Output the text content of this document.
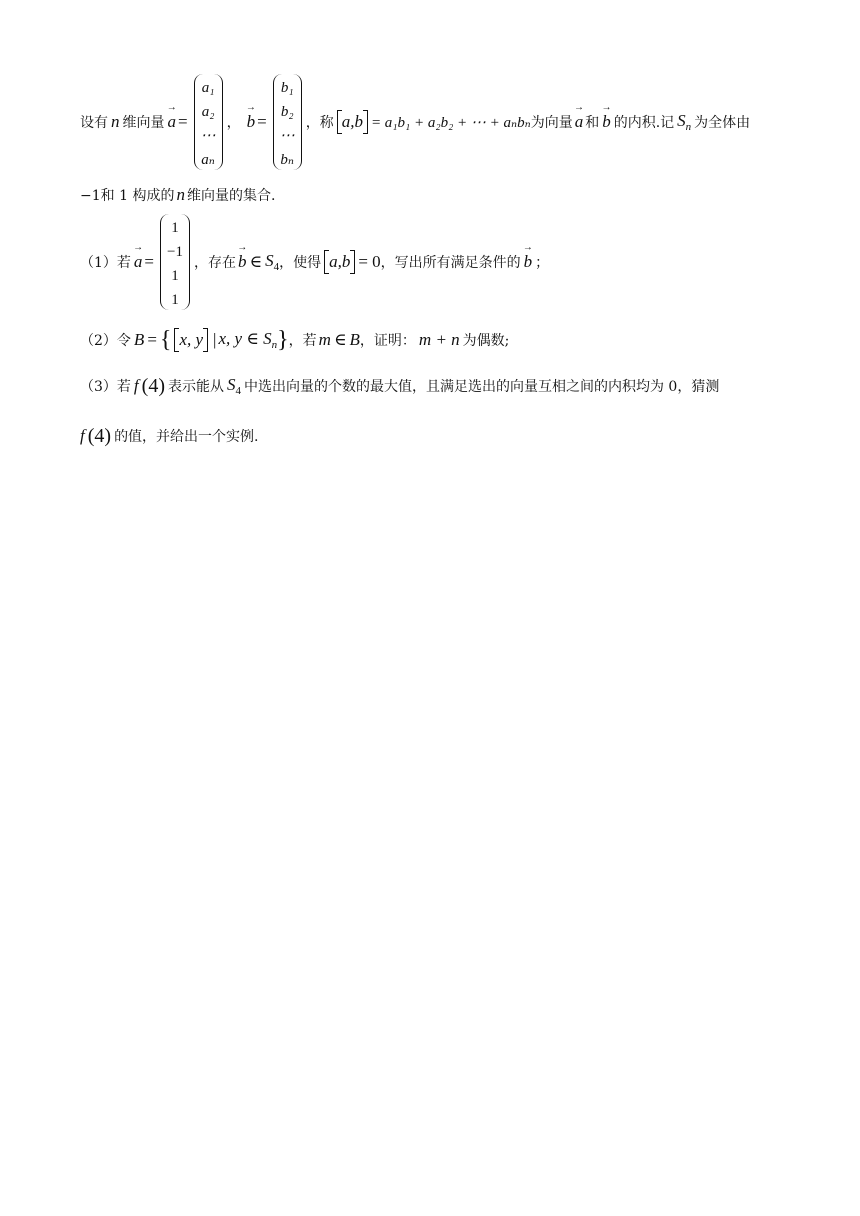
设有 n 维向量 → a =
a₁
a₂
⋯
aₙ
， → b =
b₁
b₂
⋯
bₙ
，称 a,b = a₁b₁ + a₂b₂ + ⋯ + aₙbₙ 为向量 → a 和 → b 的内积.记 $S_n$ 为全体由
−1和 1 构成的 n 维向量的集合.
（1）若 → a =
1
−1
1
1
，存在 → b ∈ $S_4$ ，使得 a,b = 0 ，写出所有满足条件的 → b ；
（2）令 B = { x, y | x, y ∈ $S_n$ } ，若 m ∈ B ，证明： m + n 为偶数;
（3）若 f (4) 表示能从 $S_4$ 中选出向量的个数的最大值，且满足选出的向量互相之间的内积均为 0，猜测
f (4) 的值，并给出一个实例.
